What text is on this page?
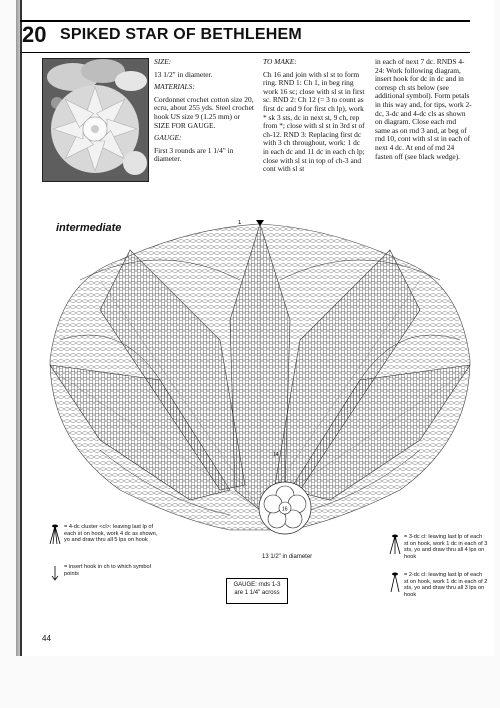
20 SPIKED STAR OF BETHLEHEM

SIZE:

13 1/2" in diameter.

MATERIALS:

Cordonnet crochet cotton size 20, ecru, about 255 yds. Steel crochet hook US size 9 (1.25 mm) or SIZE FOR GAUGE.

GAUGE:

First 3 rounds are 1 1/4" in diameter.

TO MAKE:

Ch 16 and join with sl st to form ring. RND 1: Ch 1, in beg ring work 16 sc; close with sl st in first sc. RND 2: Ch 12 (= 3 to count as first dc and 9 for first ch lp), work * sk 3 sts, dc in next st, 9 ch, rep from *; close with sl st in 3rd st of ch-12. RND 3: Replacing first dc with 3 ch throughout, work: 1 dc in each dc and 11 dc in each ch lp; close with sl st in top of ch-3 and cont with sl st

in each of next 7 dc. RNDS 4-24: Work following diagram, insert hook for dc in dc and in corresp ch sts below (see additional symbol). Form petals in this way and, for tips, work 2-dc, 3-dc and 4-dc cls as shown on diagram. Close each rnd same as on rnd 3 and, at beg of rnd 10, cont with sl st in each of next 4 dc. At end of rnd 24 fasten off (see black wedge).

16
14
1
intermediate
= 4-dc cluster <cl>: leaving last lp of each st on hook, work 4 dc as shown, yo and draw thru all 5 lps on hook
= insert hook in ch to which symbol points
= 3-dc cl: leaving last lp of each st on hook, work 1 dc in each of 3 sts, yo and draw thru all 4 lps on hook
= 2-dc cl: leaving last lp of each st on hook, work 1 dc in each of 2 sts, yo and draw thru all 3 lps on hook
13 1/2" in diameter
GAUGE: rnds 1-3
are 1 1/4" across
44
